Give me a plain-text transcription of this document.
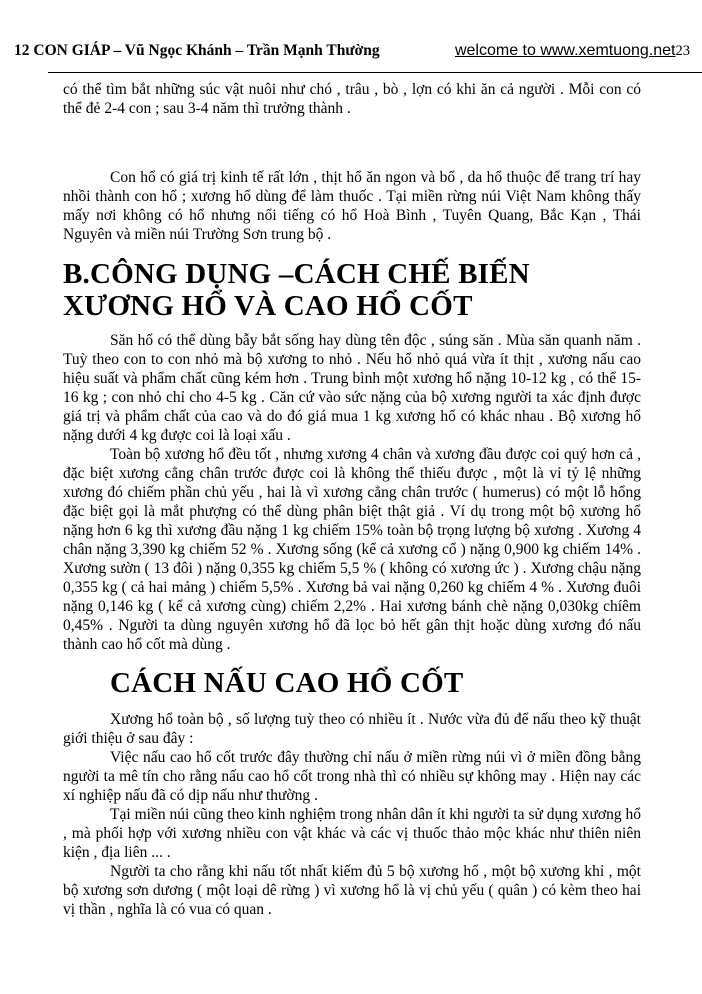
12 CON GIÁP – Vũ Ngọc Khánh – Trần Mạnh Thường	welcome to www.xemtuong.net 23

có thể tìm bắt những súc vật nuôi như chó , trâu , bò , lợn có khi ăn cả người . Mỗi con có thể đẻ 2-4 con ; sau 3-4 năm thì trưởng thành .

Con hổ có giá trị kinh tế rất lớn , thịt hổ ăn ngon và bổ , da hổ thuộc để trang trí hay nhồi thành con hổ ; xương hổ dùng để làm thuốc . Tại miền rừng núi Việt Nam không thấy mấy nơi không có hổ nhưng nổi tiếng có hổ Hoà Bình , Tuyên Quang, Bắc Kạn , Thái Nguyên và miền núi Trường Sơn trung bộ .

B.CÔNG DỤNG –CÁCH CHẾ BIẾN XƯƠNG HỔ VÀ CAO HỔ CỐT

Săn hổ có thể dùng bẫy bắt sống hay dùng tên độc , súng săn . Mùa săn quanh năm . Tuỳ theo con to con nhỏ mà bộ xương to nhỏ . Nếu hổ nhỏ quá vừa ít thịt , xương nấu cao hiệu suất và phẩm chất cũng kém hơn . Trung bình một xương hổ nặng 10-12 kg , có thể 15-16 kg ; con nhỏ chỉ cho 4-5 kg . Căn cứ vào sức nặng của bộ xương người ta xác định được giá trị và phẩm chất của cao và do đó giá mua 1 kg xương hổ có khác nhau . Bộ xương hổ nặng dưới 4 kg được coi là loại xấu .

Toàn bộ xương hổ đều tốt , nhưng xương 4 chân và xương đầu được coi quý hơn cả , đặc biệt xương cẳng chân trước được coi là không thể thiếu được , một là vỉ tỷ lệ những xương đó chiếm phần chủ yếu , hai là vì xương cẳng chân trước ( humerus) có một lỗ hổng đặc biệt gọi là mắt phượng có thể dùng phân biệt thật giả . Ví dụ trong một bộ xương hổ nặng hơn 6 kg thì xương đầu nặng 1 kg chiếm 15% toàn bộ trọng lượng bộ xương . Xương 4 chân nặng 3,390 kg chiếm 52 % . Xương sống (kể cả xương cổ ) nặng 0,900 kg chiếm 14% . Xương sườn ( 13 đôi ) nặng 0,355 kg chiếm 5,5 % ( không có xương ức ) . Xương chậu nặng 0,355 kg ( cả hai mảng ) chiếm 5,5% . Xương bả vai nặng 0,260 kg chiếm 4 % . Xương đuôi nặng 0,146 kg ( kể cả xương cùng) chiếm 2,2% . Hai xương bánh chè nặng 0,030kg chíêm 0,45% . Người ta dùng nguyên xương hổ đã lọc bỏ hết gân thịt hoặc dùng xương đó nấu thành cao hổ cốt mà dùng .

CÁCH NẤU CAO HỔ CỐT

Xương hổ toàn bộ , số lượng tuỳ theo có nhiều ít . Nước vừa đủ để nấu theo kỹ thuật giới thiệu ở sau đây :

Việc nấu cao hổ cốt trước đây thường chỉ nấu ở miền rừng núi vì ở miền đồng bằng người ta mê tín cho rằng nấu cao hổ cốt trong nhà thì có nhiều sự không may . Hiện nay các xí nghiệp nấu đã có dịp nấu như thường .

Tại miền núi cũng theo kinh nghiệm trong nhân dân ít khi người ta sử dụng xương hổ , mà phối hợp với xương nhiều con vật khác và các vị thuốc thảo mộc khác như thiên niên kiện , địa liên ... .

Người ta cho rằng khi nấu tốt nhất kiếm đủ 5 bộ xương hổ , một bộ xương khỉ , một bộ xương sơn dương ( một loại dê rừng ) vì xương hổ là vị chủ yếu ( quân ) có kèm theo hai vị thần , nghĩa là có vua có quan .
